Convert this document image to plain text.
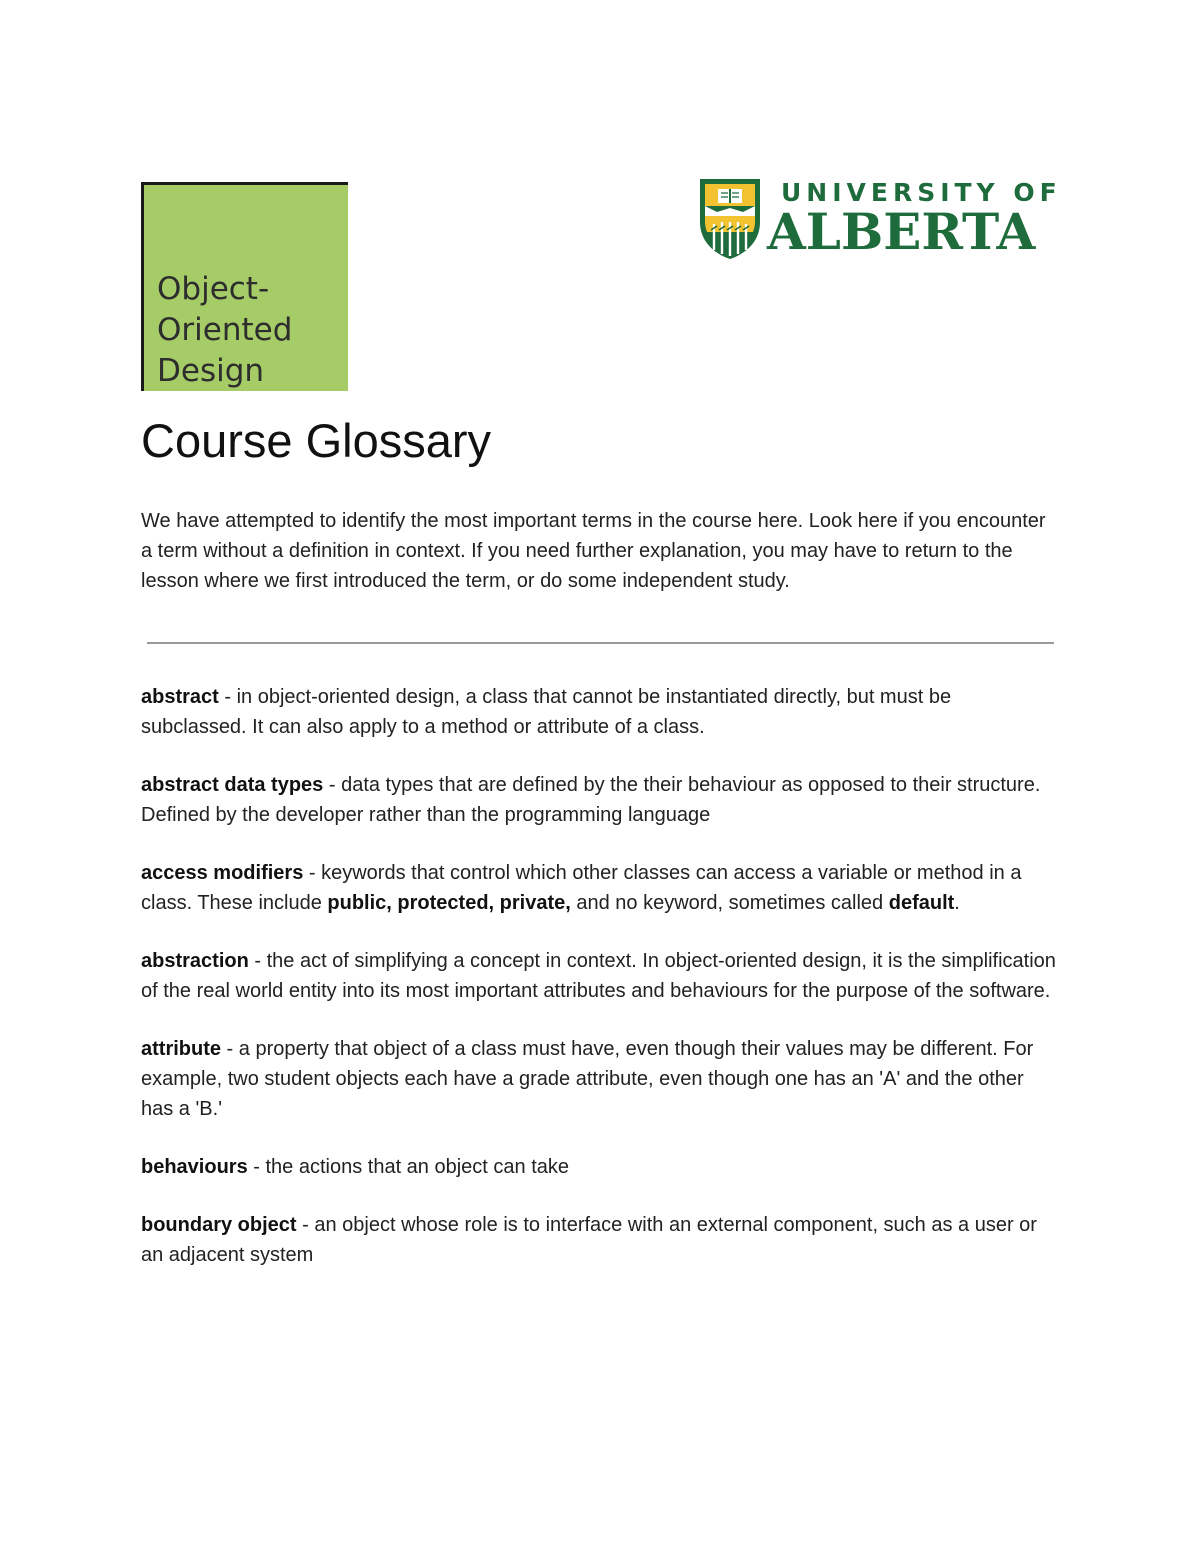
Object-
Oriented
Design
UNIVERSITY OF
ALBERTA
Course Glossary

We have attempted to identify the most important terms in the course here. Look here if you encounter a term without a definition in context. If you need further explanation, you may have to return to the lesson where we first introduced the term, or do some independent study.

abstract - in object-oriented design, a class that cannot be instantiated directly, but must be subclassed. It can also apply to a method or attribute of a class.
abstract data types - data types that are defined by the their behaviour as opposed to their structure. Defined by the developer rather than the programming language
access modifiers - keywords that control which other classes can access a variable or method in a class. These include public, protected, private, and no keyword, sometimes called default.
abstraction - the act of simplifying a concept in context. In object-oriented design, it is the simplification of the real world entity into its most important attributes and behaviours for the purpose of the software.
attribute - a property that object of a class must have, even though their values may be different. For example, two student objects each have a grade attribute, even though one has an 'A' and the other has a 'B.'
behaviours - the actions that an object can take
boundary object - an object whose role is to interface with an external component, such as a user or an adjacent system
